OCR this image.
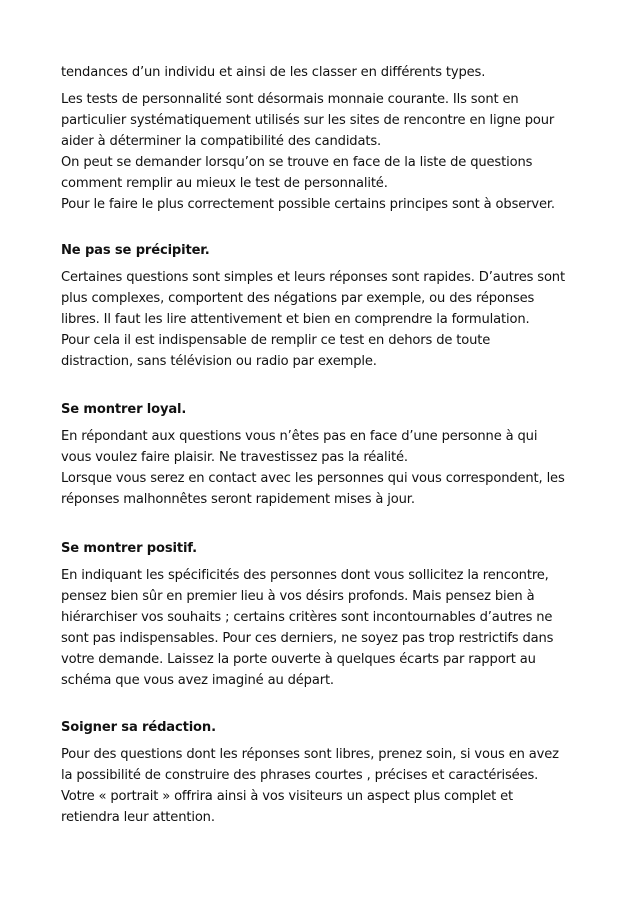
tendances d’un individu et ainsi de les classer en différents types.
Les tests de personnalité sont désormais monnaie courante. Ils sont en
particulier systématiquement utilisés sur les sites de rencontre en ligne pour
aider à déterminer la compatibilité des candidats.
On peut se demander lorsqu’on se trouve en face de la liste de questions
comment remplir au mieux le test de personnalité.
Pour le faire le plus correctement possible certains principes sont à observer.
Ne pas se précipiter.
Certaines questions sont simples et leurs réponses sont rapides. D’autres sont
plus complexes, comportent des négations par exemple, ou des réponses
libres. Il faut les lire attentivement et bien en comprendre la formulation.
Pour cela il est indispensable de remplir ce test en dehors de toute
distraction, sans télévision ou radio par exemple.
Se montrer loyal.
En répondant aux questions vous n’êtes pas en face d’une personne à qui
vous voulez faire plaisir. Ne travestissez pas la réalité.
Lorsque vous serez en contact avec les personnes qui vous correspondent, les
réponses malhonnêtes seront rapidement mises à jour.
Se montrer positif.
En indiquant les spécificités des personnes dont vous sollicitez la rencontre,
pensez bien sûr en premier lieu à vos désirs profonds. Mais pensez bien à
hiérarchiser vos souhaits ; certains critères sont incontournables d’autres ne
sont pas indispensables. Pour ces derniers, ne soyez pas trop restrictifs dans
votre demande. Laissez la porte ouverte à quelques écarts par rapport au
schéma que vous avez imaginé au départ.
Soigner sa rédaction.
Pour des questions dont les réponses sont libres, prenez soin, si vous en avez
la possibilité de construire des phrases courtes , précises et caractérisées.
Votre « portrait » offrira ainsi à vos visiteurs un aspect plus complet et
retiendra leur attention.
